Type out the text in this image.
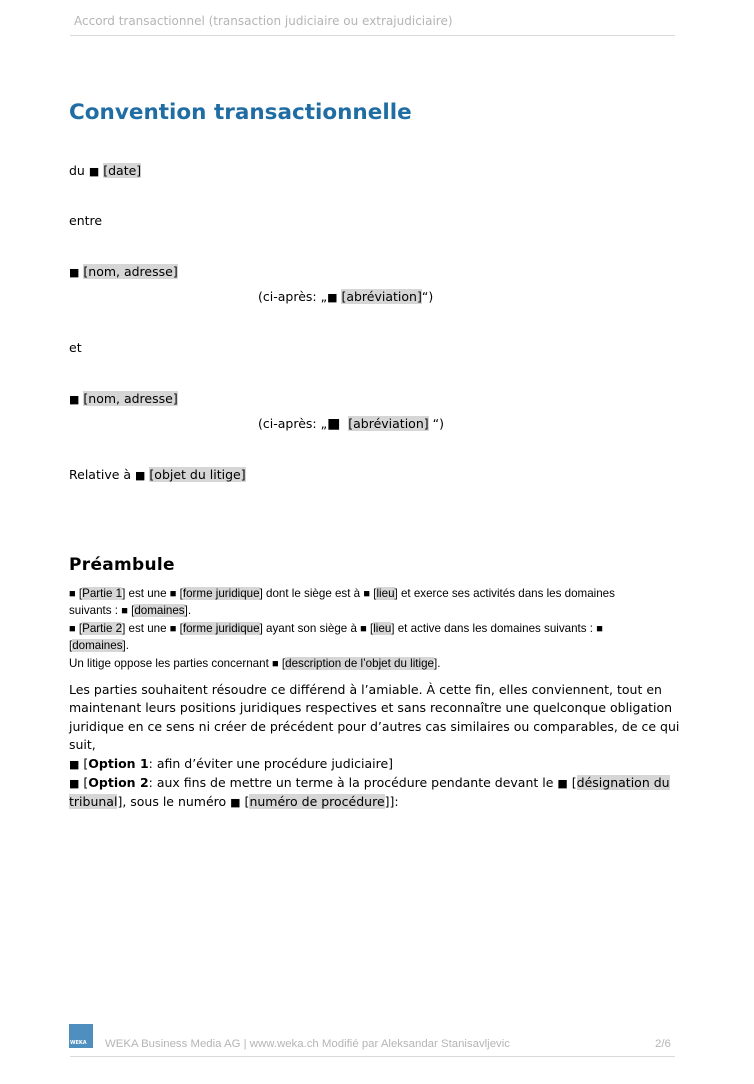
Accord transactionnel (transaction judiciaire ou extrajudiciaire)
Convention transactionnelle
du ■ [date]
entre
■ [nom, adresse]
(ci-après: „■ [abréviation]“)
et
■ [nom, adresse]
(ci-après: „■ [abréviation] “)
Relative à ■ [objet du litige]
Préambule
■ [Partie 1] est une ■ [forme juridique] dont le siège est à ■ [lieu] et exerce ses activités dans les domaines
suivants : ■ [domaines].
■ [Partie 2] est une ■ [forme juridique] ayant son siège à ■ [lieu] et active dans les domaines suivants : ■
[domaines].
Un litige oppose les parties concernant ■ [description de l’objet du litige].
Les parties souhaitent résoudre ce différend à l’amiable. À cette fin, elles conviennent, tout en
maintenant leurs positions juridiques respectives et sans reconnaître une quelconque obligation
juridique en ce sens ni créer de précédent pour d’autres cas similaires ou comparables, de ce qui
suit,
■ [Option 1: afin d’éviter une procédure judiciaire]
■ [Option 2: aux fins de mettre un terme à la procédure pendante devant le ■ [désignation du
tribunal], sous le numéro ■ [numéro de procédure]]:
WEKA WEKA Business Media AG | www.weka.ch Modifié par Aleksandar Stanisavljevic	2/6
